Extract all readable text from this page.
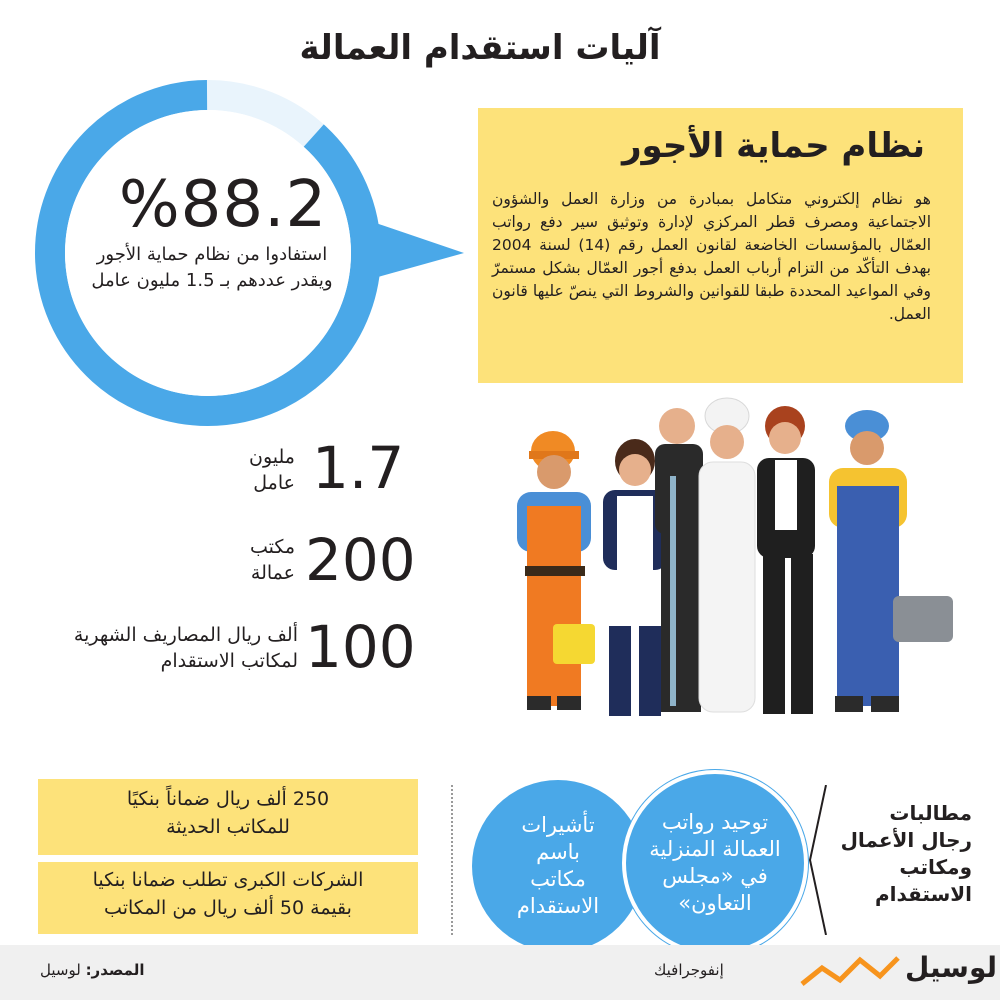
آليات استقدام العمالة
نظام حماية الأجور
هو نظام إلكتروني متكامل بمبادرة من وزارة العمل والشؤون الاجتماعية ومصرف قطر المركزي لإدارة وتوثيق سير دفع رواتب العمّال بالمؤسسات الخاضعة لقانون العمل رقم (14) لسنة 2004 بهدف التأكّد من التزام أرباب العمل بدفع أجور العمّال بشكل مستمرّ وفي المواعيد المحددة طبقا للقوانين والشروط التي ينصّ عليها قانون العمل.
%88.2
استفادوا من نظام حماية الأجور ويقدر عددهم بـ 1.5 مليون عامل
1.7
مليون
عامل
200
مكتب
عمالة
100
ألف ريال المصاريف الشهرية
لمكاتب الاستقدام
250 ألف ريال ضماناً بنكيًا
للمكاتب الحديثة
الشركات الكبرى تطلب ضمانا بنكيا
بقيمة 50 ألف ريال من المكاتب
تأشيرات
باسم
مكاتب
الاستقدام
توحيد رواتب
العمالة المنزلية
في «مجلس
التعاون»
مطالبات
رجال الأعمال
ومكاتب
الاستقدام
المصدر: لوسيل	إنفوجرافيك	لوسيل
